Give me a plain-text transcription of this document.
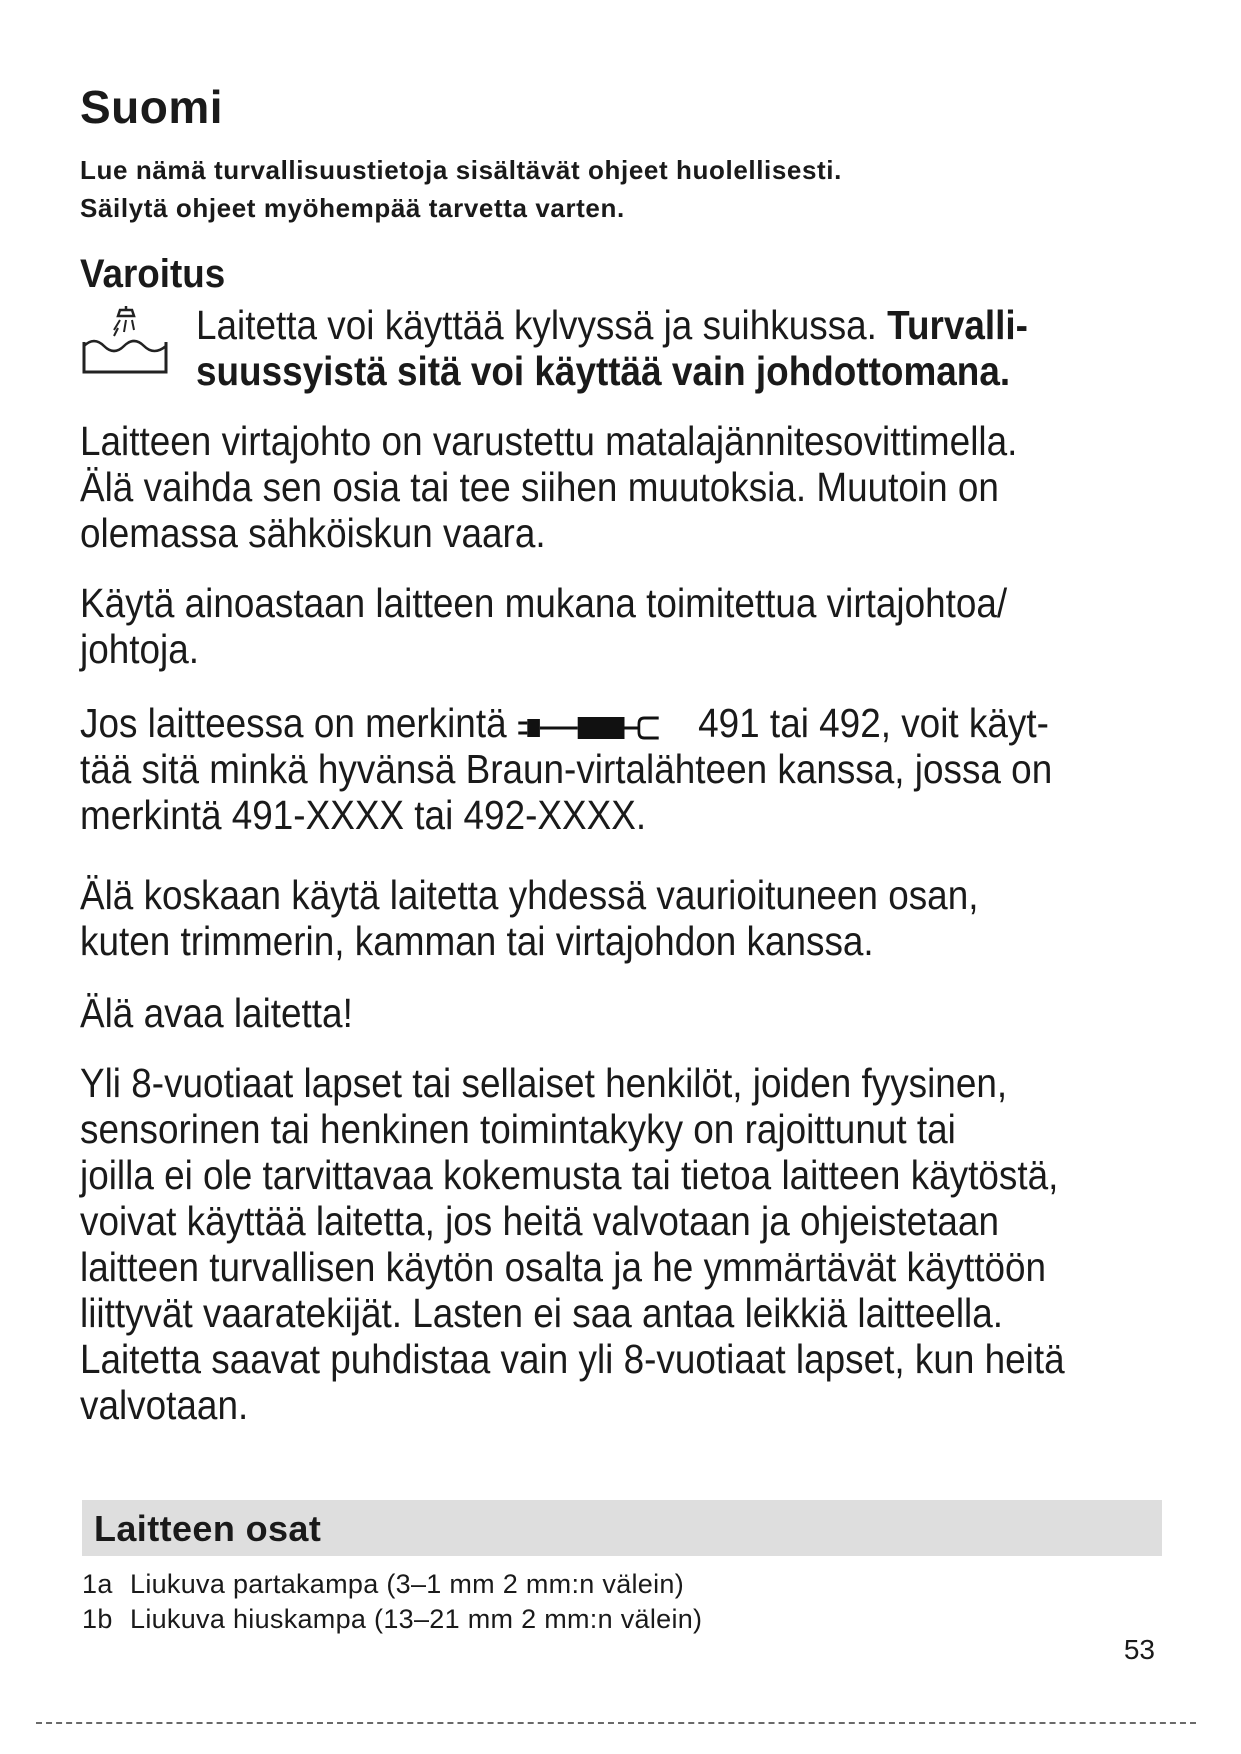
Suomi

Lue nämä turvallisuustietoja sisältävät ohjeet huolellisesti.
Säilytä ohjeet myöhempää tarvetta varten.

Varoitus

Laitetta voi käyttää kylvyssä ja suihkussa. Turvalli-
suussyistä sitä voi käyttää vain johdottomana.

Laitteen virtajohto on varustettu matalajännitesovittimella.
Älä vaihda sen osia tai tee siihen muutoksia. Muutoin on
olemassa sähköiskun vaara.

Käytä ainoastaan laitteen mukana toimitettua virtajohtoa/
johtoja.

Jos laitteessa on merkintä	491 tai 492, voit käyt-
tää sitä minkä hyvänsä Braun-virtalähteen kanssa, jossa on
merkintä 491-XXXX tai 492-XXXX.

Älä koskaan käytä laitetta yhdessä vaurioituneen osan,
kuten trimmerin, kamman tai virtajohdon kanssa.

Älä avaa laitetta!

Yli 8-vuotiaat lapset tai sellaiset henkilöt, joiden fyysinen,
sensorinen tai henkinen toimintakyky on rajoittunut tai
joilla ei ole tarvittavaa kokemusta tai tietoa laitteen käytöstä,
voivat käyttää laitetta, jos heitä valvotaan ja ohjeistetaan
laitteen turvallisen käytön osalta ja he ymmärtävät käyttöön
liittyvät vaaratekijät. Lasten ei saa antaa leikkiä laitteella.
Laitetta saavat puhdistaa vain yli 8-vuotiaat lapset, kun heitä
valvotaan.

Laitteen osat
1a Liukuva partakampa (3–1 mm 2 mm:n välein)
1b Liukuva hiuskampa (13–21 mm 2 mm:n välein)

53
